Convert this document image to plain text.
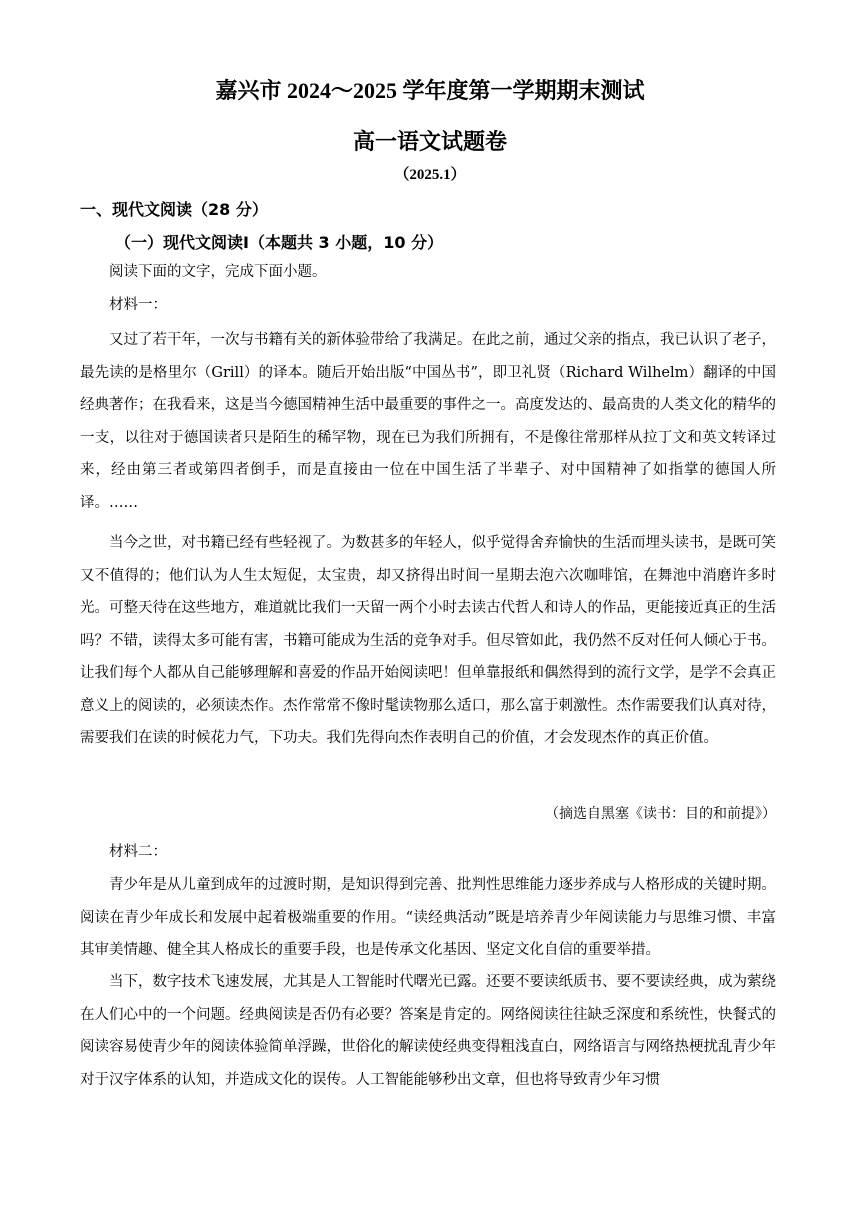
嘉兴市 2024～2025 学年度第一学期期末测试
高一语文试题卷
（2025.1）
一、现代文阅读（28 分）
（一）现代文阅读Ⅰ（本题共 3 小题，10 分）

阅读下面的文字，完成下面小题。

材料一：

又过了若干年，一次与书籍有关的新体验带给了我满足。在此之前，通过父亲的指点，我已认识了老子，最先读的是格里尔（Grill）的译本。随后开始出版“中国丛书”，即卫礼贤（Richard Wilhelm）翻译的中国经典著作；在我看来，这是当今德国精神生活中最重要的事件之一。高度发达的、最高贵的人类文化的精华的一支，以往对于德国读者只是陌生的稀罕物，现在已为我们所拥有，不是像往常那样从拉丁文和英文转译过来，经由第三者或第四者倒手，而是直接由一位在中国生活了半辈子、对中国精神了如指掌的德国人所译。……

当今之世，对书籍已经有些轻视了。为数甚多的年轻人，似乎觉得舍弃愉快的生活而埋头读书，是既可笑又不值得的；他们认为人生太短促，太宝贵，却又挤得出时间一星期去泡六次咖啡馆，在舞池中消磨许多时光。可整天待在这些地方，难道就比我们一天留一两个小时去读古代哲人和诗人的作品，更能接近真正的生活吗？不错，读得太多可能有害，书籍可能成为生活的竞争对手。但尽管如此，我仍然不反对任何人倾心于书。让我们每个人都从自己能够理解和喜爱的作品开始阅读吧！但单靠报纸和偶然得到的流行文学，是学不会真正意义上的阅读的，必须读杰作。杰作常常不像时髦读物那么适口，那么富于刺激性。杰作需要我们认真对待，需要我们在读的时候花力气，下功夫。我们先得向杰作表明自己的价值，才会发现杰作的真正价值。

（摘选自黑塞《读书：目的和前提》）

材料二：

青少年是从儿童到成年的过渡时期，是知识得到完善、批判性思维能力逐步养成与人格形成的关键时期。阅读在青少年成长和发展中起着极端重要的作用。“读经典活动”既是培养青少年阅读能力与思维习惯、丰富其审美情趣、健全其人格成长的重要手段，也是传承文化基因、坚定文化自信的重要举措。

当下，数字技术飞速发展，尤其是人工智能时代曙光已露。还要不要读纸质书、要不要读经典，成为萦绕在人们心中的一个问题。经典阅读是否仍有必要？答案是肯定的。网络阅读往往缺乏深度和系统性，快餐式的阅读容易使青少年的阅读体验简单浮躁，世俗化的解读使经典变得粗浅直白，网络语言与网络热梗扰乱青少年对于汉字体系的认知，并造成文化的误传。人工智能能够秒出文章，但也将导致青少年习惯
